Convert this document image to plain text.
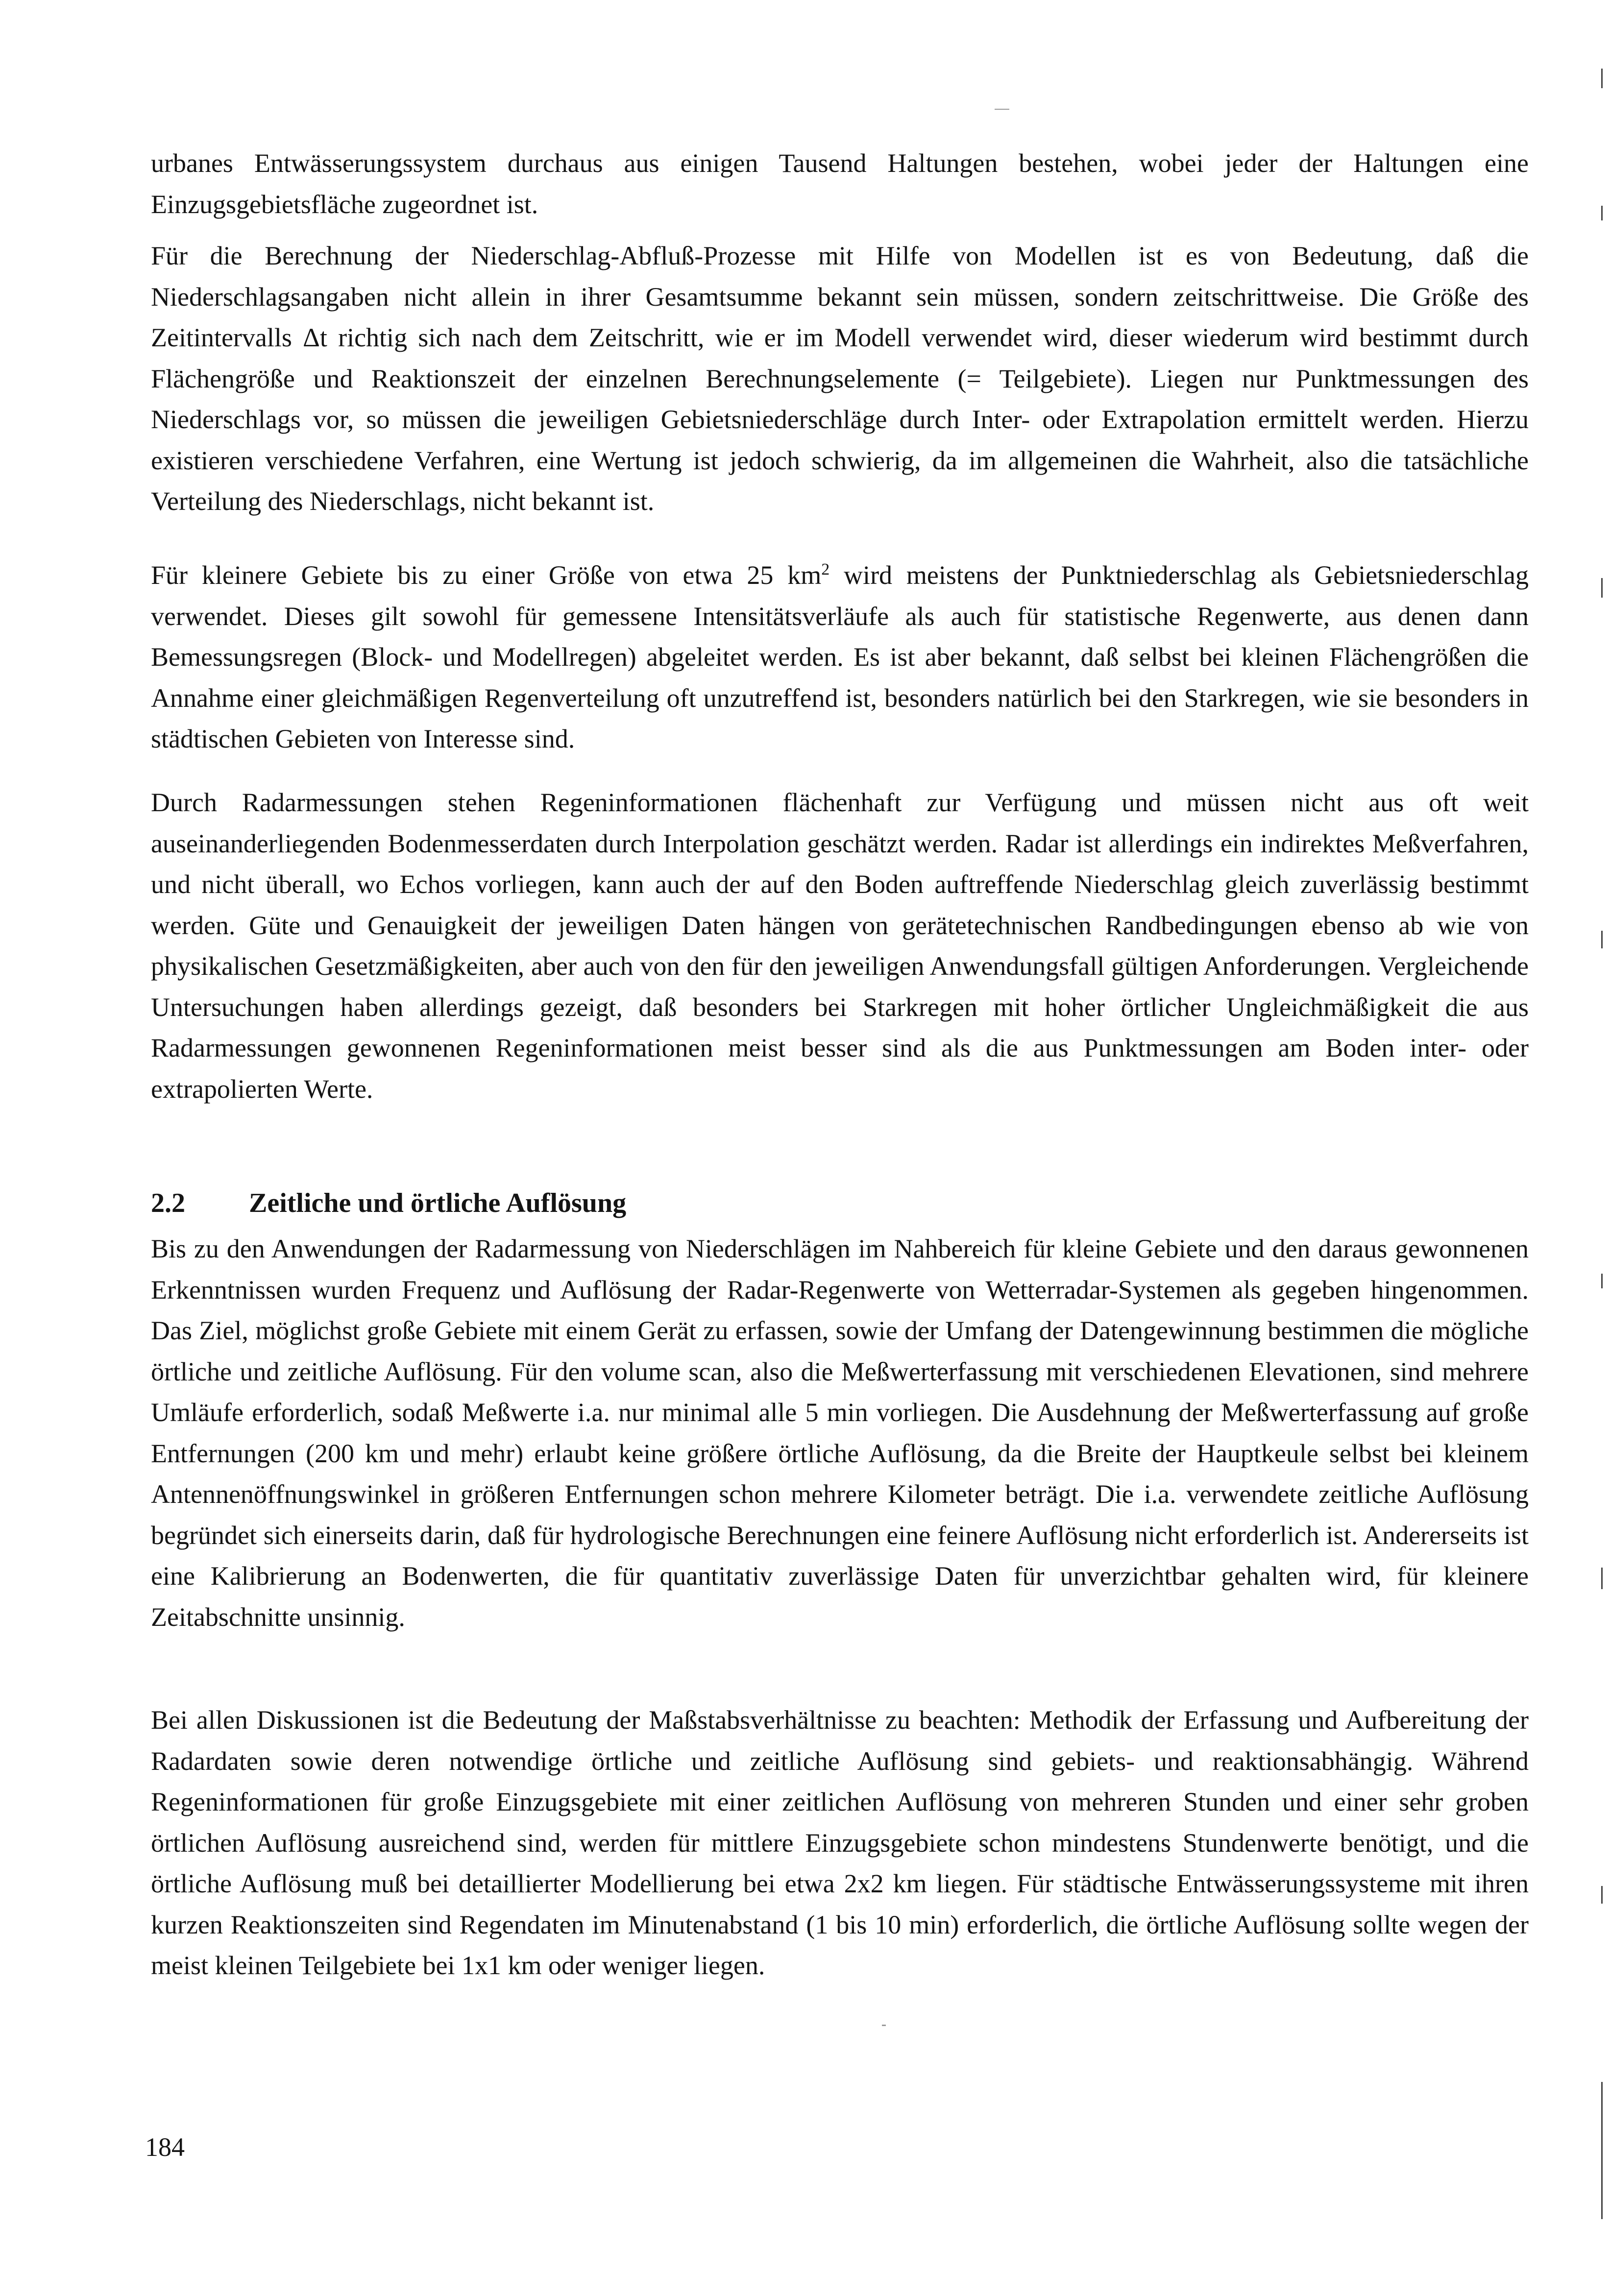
urbanes Entwässerungssystem durchaus aus einigen Tausend Haltungen bestehen, wobei jeder der Haltungen eine Einzugsgebietsfläche zugeordnet ist.

Für die Berechnung der Niederschlag-Abfluß-Prozesse mit Hilfe von Modellen ist es von Bedeutung, daß die Niederschlagsangaben nicht allein in ihrer Gesamtsumme bekannt sein müssen, sondern zeitschrittweise. Die Größe des Zeitintervalls Δt richtig sich nach dem Zeitschritt, wie er im Modell verwendet wird, dieser wiederum wird bestimmt durch Flächengröße und Reaktionszeit der einzelnen Berechnungselemente (= Teilgebiete). Liegen nur Punktmessungen des Niederschlags vor, so müssen die jeweiligen Gebietsniederschläge durch Inter- oder Extrapolation ermittelt werden. Hierzu existieren verschiedene Verfahren, eine Wertung ist jedoch schwierig, da im allgemeinen die Wahrheit, also die tatsächliche Verteilung des Niederschlags, nicht bekannt ist.

Für kleinere Gebiete bis zu einer Größe von etwa 25 $km^2$ wird meistens der Punktniederschlag als Gebietsniederschlag verwendet. Dieses gilt sowohl für gemessene Intensitätsverläufe als auch für statistische Regenwerte, aus denen dann Bemessungsregen (Block- und Modellregen) abgeleitet werden. Es ist aber bekannt, daß selbst bei kleinen Flächengrößen die Annahme einer gleichmäßigen Regenverteilung oft unzutreffend ist, besonders natürlich bei den Starkregen, wie sie besonders in städtischen Gebieten von Interesse sind.

Durch Radarmessungen stehen Regeninformationen flächenhaft zur Verfügung und müssen nicht aus oft weit auseinanderliegenden Bodenmesserdaten durch Interpolation geschätzt werden. Radar ist allerdings ein indirektes Meßverfahren, und nicht überall, wo Echos vorliegen, kann auch der auf den Boden auftreffende Niederschlag gleich zuverlässig bestimmt werden. Güte und Genauigkeit der jeweiligen Daten hängen von gerätetechnischen Randbedingungen ebenso ab wie von physikalischen Gesetzmäßigkeiten, aber auch von den für den jeweiligen Anwendungsfall gültigen Anforderungen. Vergleichende Untersuchungen haben allerdings gezeigt, daß besonders bei Starkregen mit hoher örtlicher Ungleichmäßigkeit die aus Radarmessungen gewonnenen Regeninformationen meist besser sind als die aus Punktmessungen am Boden inter- oder extrapolierten Werte.

2.2 Zeitliche und örtliche Auflösung

Bis zu den Anwendungen der Radarmessung von Niederschlägen im Nahbereich für kleine Gebiete und den daraus gewonnenen Erkenntnissen wurden Frequenz und Auflösung der Radar-Regenwerte von Wetterradar-Systemen als gegeben hingenommen. Das Ziel, möglichst große Gebiete mit einem Gerät zu erfassen, sowie der Umfang der Datengewinnung bestimmen die mögliche örtliche und zeitliche Auflösung. Für den volume scan, also die Meßwerterfassung mit verschiedenen Elevationen, sind mehrere Umläufe erforderlich, sodaß Meßwerte i.a. nur minimal alle 5 min vorliegen. Die Ausdehnung der Meßwerterfassung auf große Entfernungen (200 km und mehr) erlaubt keine größere örtliche Auflösung, da die Breite der Hauptkeule selbst bei kleinem Antennenöffnungswinkel in größeren Entfernungen schon mehrere Kilometer beträgt. Die i.a. verwendete zeitliche Auflösung begründet sich einerseits darin, daß für hydrologische Berechnungen eine feinere Auflösung nicht erforderlich ist. Andererseits ist eine Kalibrierung an Bodenwerten, die für quantitativ zuverlässige Daten für unverzichtbar gehalten wird, für kleinere Zeitabschnitte unsinnig.

Bei allen Diskussionen ist die Bedeutung der Maßstabsverhältnisse zu beachten: Methodik der Erfassung und Aufbereitung der Radardaten sowie deren notwendige örtliche und zeitliche Auflösung sind gebiets- und reaktionsabhängig. Während Regeninformationen für große Einzugsgebiete mit einer zeitlichen Auflösung von mehreren Stunden und einer sehr groben örtlichen Auflösung ausreichend sind, werden für mittlere Einzugsgebiete schon mindestens Stundenwerte benötigt, und die örtliche Auflösung muß bei detaillierter Modellierung bei etwa 2x2 km liegen. Für städtische Entwässerungssysteme mit ihren kurzen Reaktionszeiten sind Regendaten im Minutenabstand (1 bis 10 min) erforderlich, die örtliche Auflösung sollte wegen der meist kleinen Teilgebiete bei 1x1 km oder weniger liegen.

184
